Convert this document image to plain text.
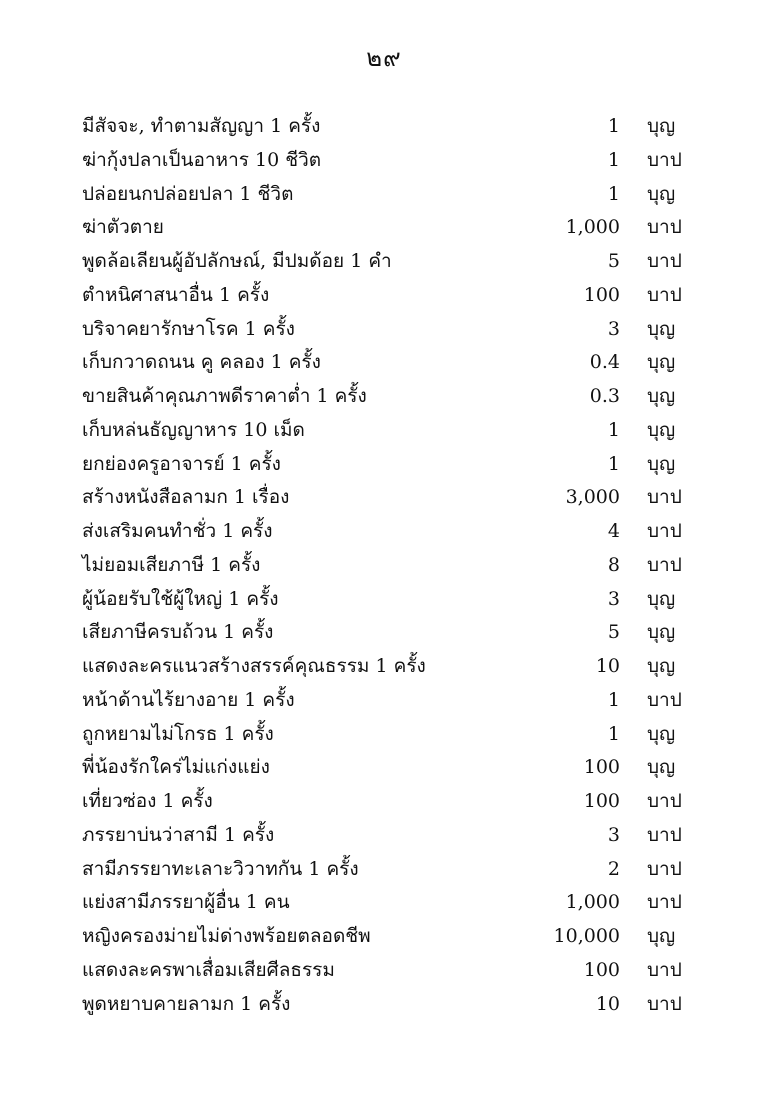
๒๙
มีสัจจะ, ทำตามสัญญา 1 ครั้ง	1 บุญ
ฆ่ากุ้งปลาเป็นอาหาร 10 ชีวิต	1 บาป
ปล่อยนกปล่อยปลา 1 ชีวิต	1 บุญ
ฆ่าตัวตาย	1,000 บาป
พูดล้อเลียนผู้อัปลักษณ์, มีปมด้อย 1 คำ	5 บาป
ตำหนิศาสนาอื่น 1 ครั้ง	100 บาป
บริจาคยารักษาโรค 1 ครั้ง	3 บุญ
เก็บกวาดถนน คู คลอง 1 ครั้ง	0.4 บุญ
ขายสินค้าคุณภาพดีราคาต่ำ 1 ครั้ง	0.3 บุญ
เก็บหล่นธัญญาหาร 10 เม็ด	1 บุญ
ยกย่องครูอาจารย์ 1 ครั้ง	1 บุญ
สร้างหนังสือลามก 1 เรื่อง	3,000 บาป
ส่งเสริมคนทำชั่ว 1 ครั้ง	4 บาป
ไม่ยอมเสียภาษี 1 ครั้ง	8 บาป
ผู้น้อยรับใช้ผู้ใหญ่ 1 ครั้ง	3 บุญ
เสียภาษีครบถ้วน 1 ครั้ง	5 บุญ
แสดงละครแนวสร้างสรรค์คุณธรรม 1 ครั้ง	10 บุญ
หน้าด้านไร้ยางอาย 1 ครั้ง	1 บาป
ถูกหยามไม่โกรธ 1 ครั้ง	1 บุญ
พี่น้องรักใคร่ไม่แก่งแย่ง	100 บุญ
เที่ยวซ่อง 1 ครั้ง	100 บาป
ภรรยาบ่นว่าสามี 1 ครั้ง	3 บาป
สามีภรรยาทะเลาะวิวาทกัน 1 ครั้ง	2 บาป
แย่งสามีภรรยาผู้อื่น 1 คน	1,000 บาป
หญิงครองม่ายไม่ด่างพร้อยตลอดชีพ	10,000 บุญ
แสดงละครพาเสื่อมเสียศีลธรรม	100 บาป
พูดหยาบคายลามก 1 ครั้ง	10 บาป
